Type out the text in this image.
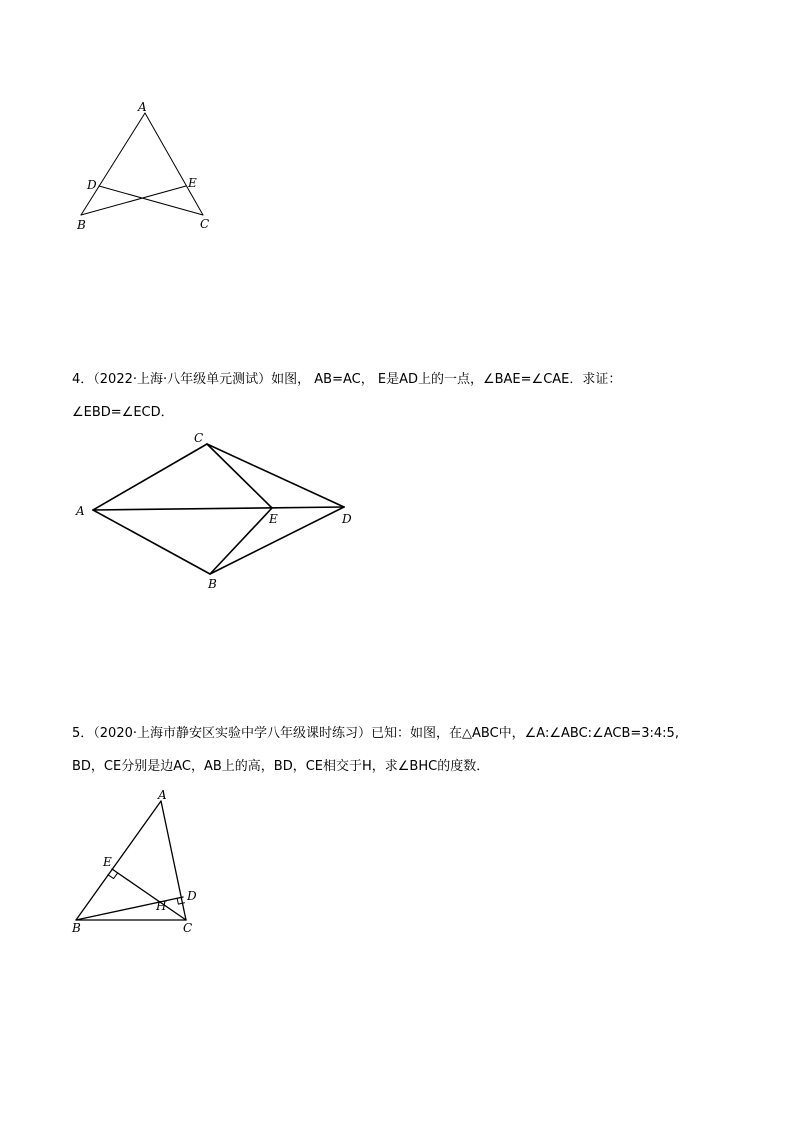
A
D	E
B	C
4．（2022·上海·八年级单元测试）如图， AB=AC， E是AD上的一点，∠BAE=∠CAE．求证：
∠EBD=∠ECD．
C
A
E	D
B
5．（2020·上海市静安区实验中学八年级课时练习）已知：如图，在△ABC中，∠A:∠ABC:∠ACB=3:4:5,
BD，CE分别是边AC，AB上的高，BD，CE相交于H，求∠BHC的度数．
A
E
D
H
B	C
